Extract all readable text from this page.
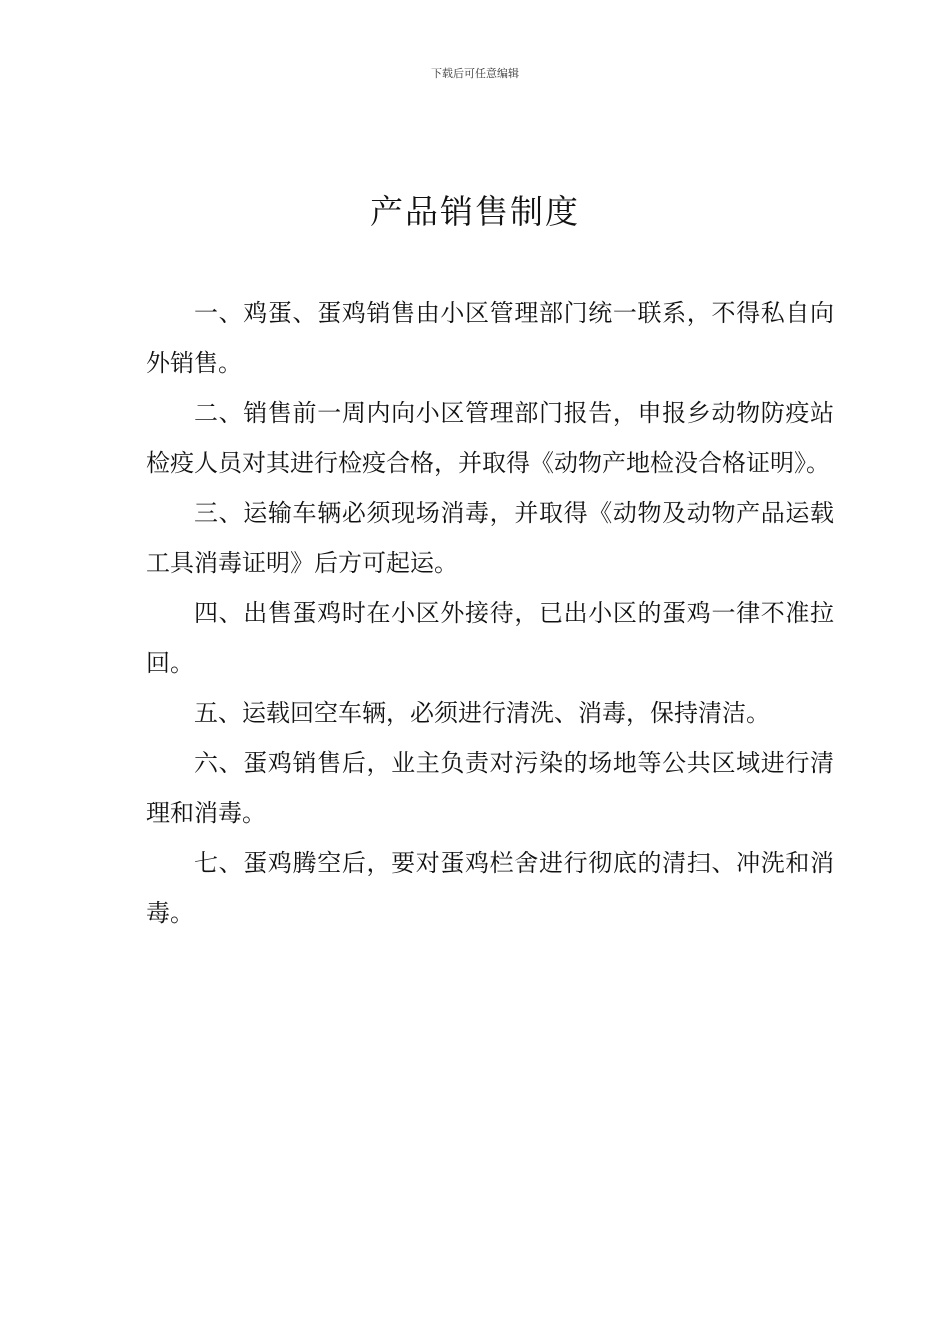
下载后可任意编辑
产品销售制度

一、鸡蛋、蛋鸡销售由小区管理部门统一联系，不得私自向外销售。

二、销售前一周内向小区管理部门报告，申报乡动物防疫站检疫人员对其进行检疫合格，并取得《动物产地检没合格证明》。

三、运输车辆必须现场消毒，并取得《动物及动物产品运载工具消毒证明》后方可起运。

四、出售蛋鸡时在小区外接待，已出小区的蛋鸡一律不准拉回。

五、运载回空车辆，必须进行清洗、消毒，保持清洁。

六、蛋鸡销售后，业主负责对污染的场地等公共区域进行清理和消毒。

七、蛋鸡腾空后，要对蛋鸡栏舍进行彻底的清扫、冲洗和消毒。
